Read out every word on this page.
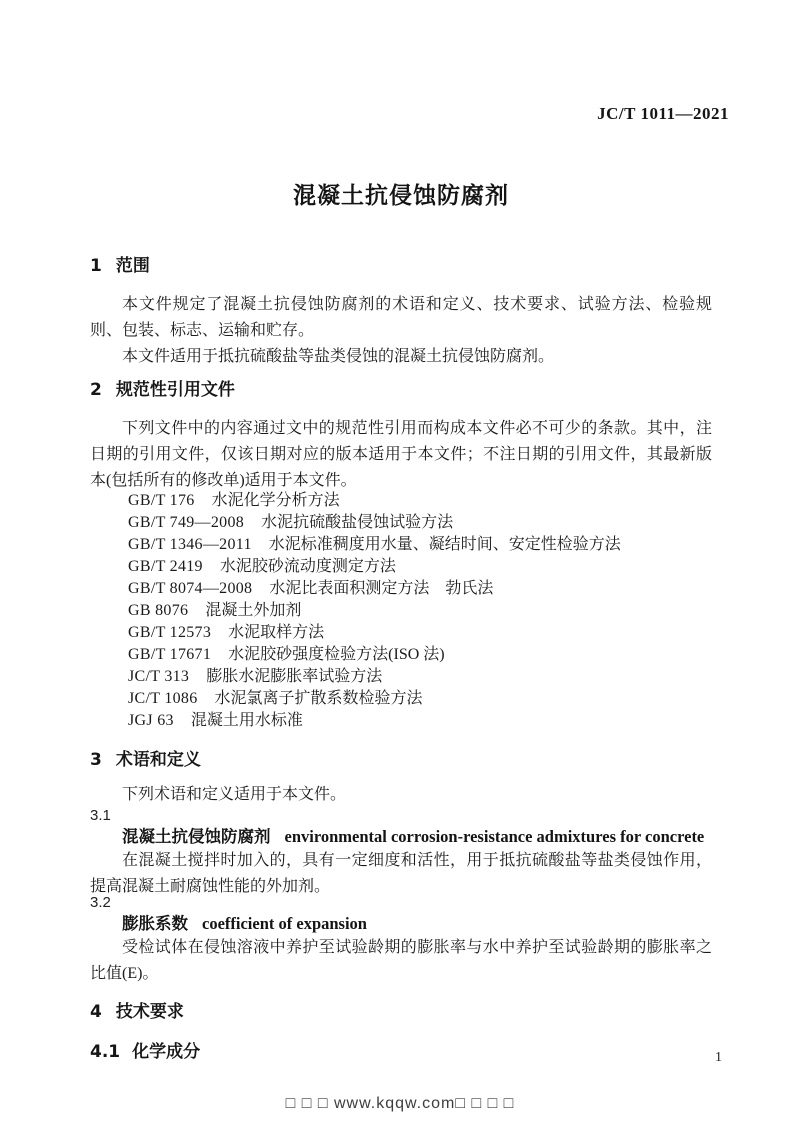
JC/T 1011—2021
混凝土抗侵蚀防腐剂
1 范围

本文件规定了混凝土抗侵蚀防腐剂的术语和定义、技术要求、试验方法、检验规则、包装、标志、运输和贮存。

本文件适用于抵抗硫酸盐等盐类侵蚀的混凝土抗侵蚀防腐剂。

2 规范性引用文件

下列文件中的内容通过文中的规范性引用而构成本文件必不可少的条款。其中，注日期的引用文件，仅该日期对应的版本适用于本文件；不注日期的引用文件，其最新版本(包括所有的修改单)适用于本文件。

GB/T 176 水泥化学分析方法
GB/T 749—2008 水泥抗硫酸盐侵蚀试验方法
GB/T 1346—2011 水泥标准稠度用水量、凝结时间、安定性检验方法
GB/T 2419 水泥胶砂流动度测定方法
GB/T 8074—2008 水泥比表面积测定方法　勃氏法
GB 8076 混凝土外加剂
GB/T 12573 水泥取样方法
GB/T 17671 水泥胶砂强度检验方法(ISO 法)
JC/T 313 膨胀水泥膨胀率试验方法
JC/T 1086 水泥氯离子扩散系数检验方法
JGJ 63 混凝土用水标准
3 术语和定义

下列术语和定义适用于本文件。

3.1
混凝土抗侵蚀防腐剂 environmental corrosion-resistance admixtures for concrete

在混凝土搅拌时加入的，具有一定细度和活性，用于抵抗硫酸盐等盐类侵蚀作用，提高混凝土耐腐蚀性能的外加剂。

3.2
膨胀系数 coefficient of expansion

受检试体在侵蚀溶液中养护至试验龄期的膨胀率与水中养护至试验龄期的膨胀率之比值(E)。

4 技术要求
4.1 化学成分	1
□ □ □ www.kqqw.com□ □ □ □
